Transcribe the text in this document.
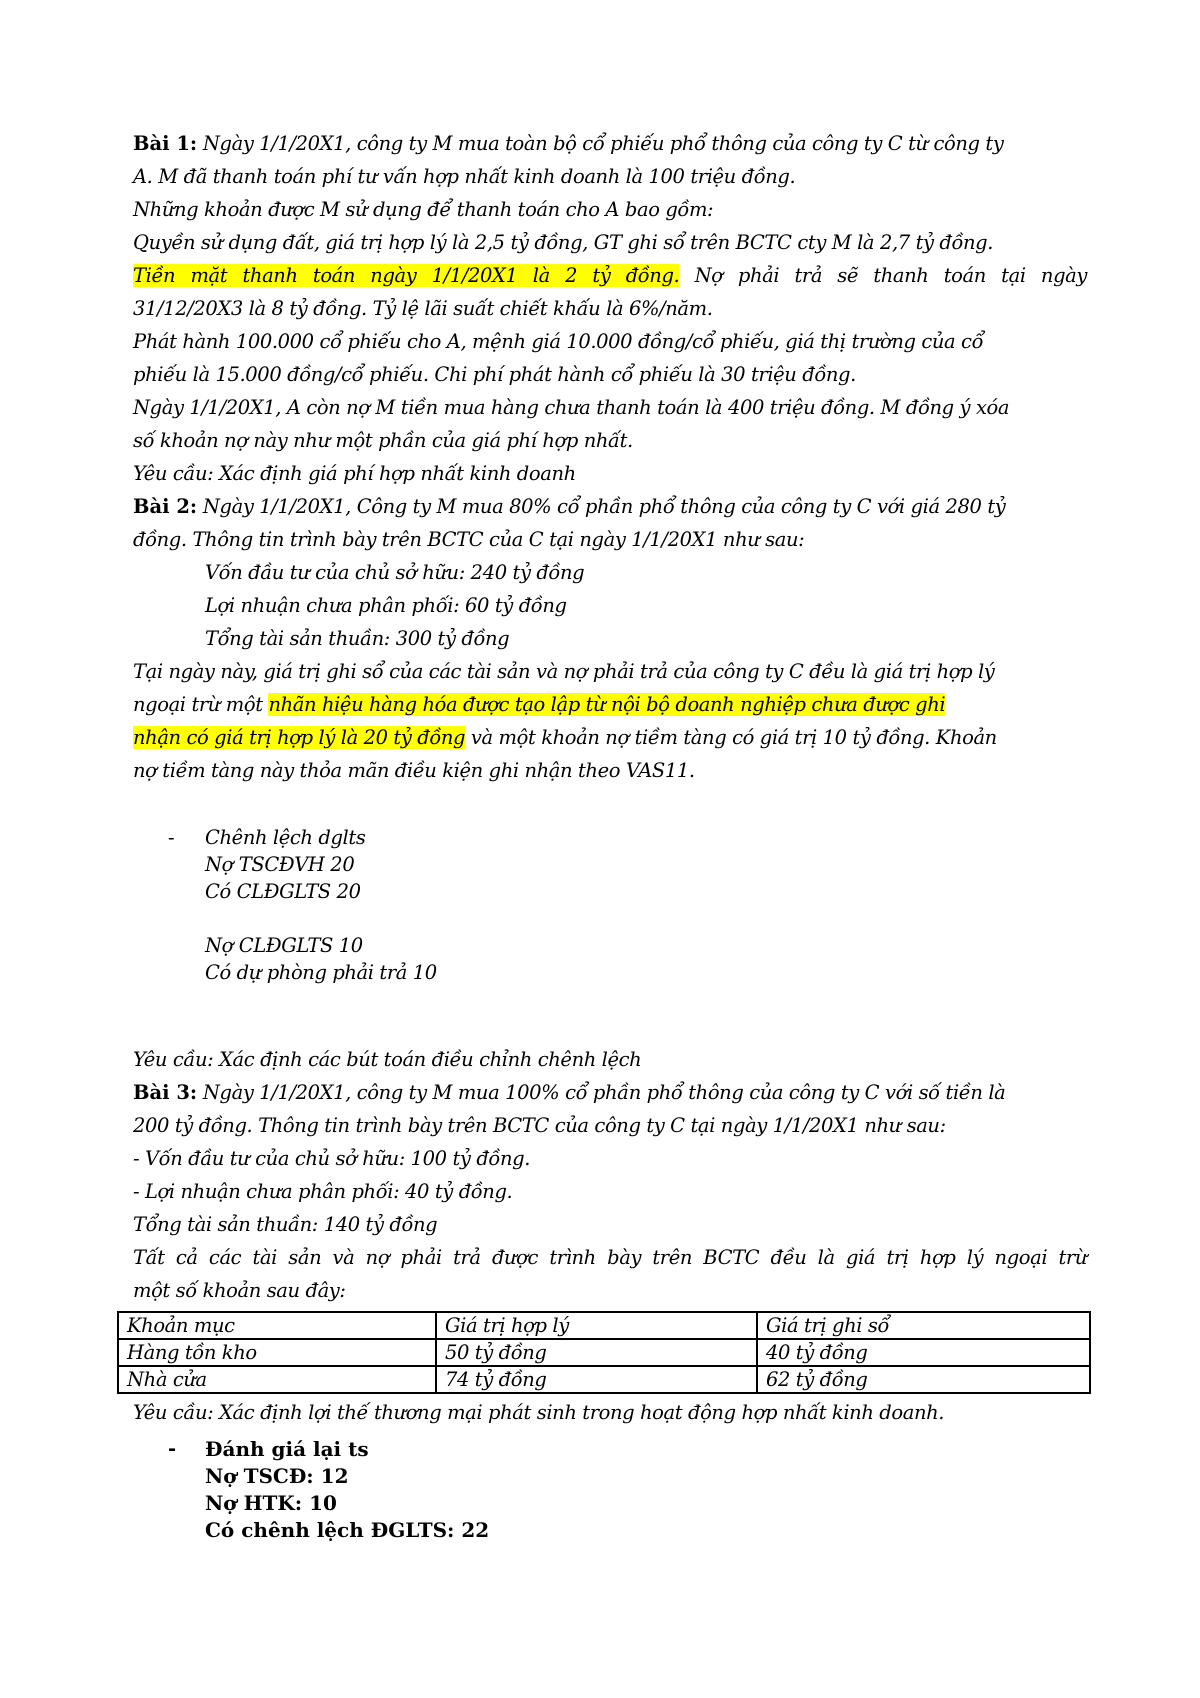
Bài 1: Ngày 1/1/20X1, công ty M mua toàn bộ cổ phiếu phổ thông của công ty C từ công ty
A. M đã thanh toán phí tư vấn hợp nhất kinh doanh là 100 triệu đồng.
Những khoản được M sử dụng để thanh toán cho A bao gồm:
Quyền sử dụng đất, giá trị hợp lý là 2,5 tỷ đồng, GT ghi sổ trên BCTC cty M là 2,7 tỷ đồng.
Tiền mặt thanh toán ngày 1/1/20X1 là 2 tỷ đồng. Nợ phải trả sẽ thanh toán tại ngày
31/12/20X3 là 8 tỷ đồng. Tỷ lệ lãi suất chiết khấu là 6%/năm.
Phát hành 100.000 cổ phiếu cho A, mệnh giá 10.000 đồng/cổ phiếu, giá thị trường của cổ
phiếu là 15.000 đồng/cổ phiếu. Chi phí phát hành cổ phiếu là 30 triệu đồng.
Ngày 1/1/20X1, A còn nợ M tiền mua hàng chưa thanh toán là 400 triệu đồng. M đồng ý xóa
số khoản nợ này như một phần của giá phí hợp nhất.
Yêu cầu: Xác định giá phí hợp nhất kinh doanh
Bài 2: Ngày 1/1/20X1, Công ty M mua 80% cổ phần phổ thông của công ty C với giá 280 tỷ
đồng. Thông tin trình bày trên BCTC của C tại ngày 1/1/20X1 như sau:
Vốn đầu tư của chủ sở hữu: 240 tỷ đồng
Lợi nhuận chưa phân phối: 60 tỷ đồng
Tổng tài sản thuần: 300 tỷ đồng
Tại ngày này, giá trị ghi sổ của các tài sản và nợ phải trả của công ty C đều là giá trị hợp lý
ngoại trừ một nhãn hiệu hàng hóa được tạo lập từ nội bộ doanh nghiệp chưa được ghi
nhận có giá trị hợp lý là 20 tỷ đồng và một khoản nợ tiềm tàng có giá trị 10 tỷ đồng. Khoản
nợ tiềm tàng này thỏa mãn điều kiện ghi nhận theo VAS11.
- Chênh lệch dglts
Nợ TSCĐVH 20
Có CLĐGLTS 20
Nợ CLĐGLTS 10
Có dự phòng phải trả 10
Yêu cầu: Xác định các bút toán điều chỉnh chênh lệch
Bài 3: Ngày 1/1/20X1, công ty M mua 100% cổ phần phổ thông của công ty C với số tiền là
200 tỷ đồng. Thông tin trình bày trên BCTC của công ty C tại ngày 1/1/20X1 như sau:
- Vốn đầu tư của chủ sở hữu: 100 tỷ đồng.
- Lợi nhuận chưa phân phối: 40 tỷ đồng.
Tổng tài sản thuần: 140 tỷ đồng
Tất cả các tài sản và nợ phải trả được trình bày trên BCTC đều là giá trị hợp lý ngoại trừ
một số khoản sau đây:
Khoản mục	Giá trị hợp lý	Giá trị ghi sổ
Hàng tồn kho	50 tỷ đồng	40 tỷ đồng
Nhà cửa	74 tỷ đồng	62 tỷ đồng
Yêu cầu: Xác định lợi thế thương mại phát sinh trong hoạt động hợp nhất kinh doanh.
- Đánh giá lại ts
Nợ TSCĐ: 12
Nợ HTK: 10
Có chênh lệch ĐGLTS: 22
